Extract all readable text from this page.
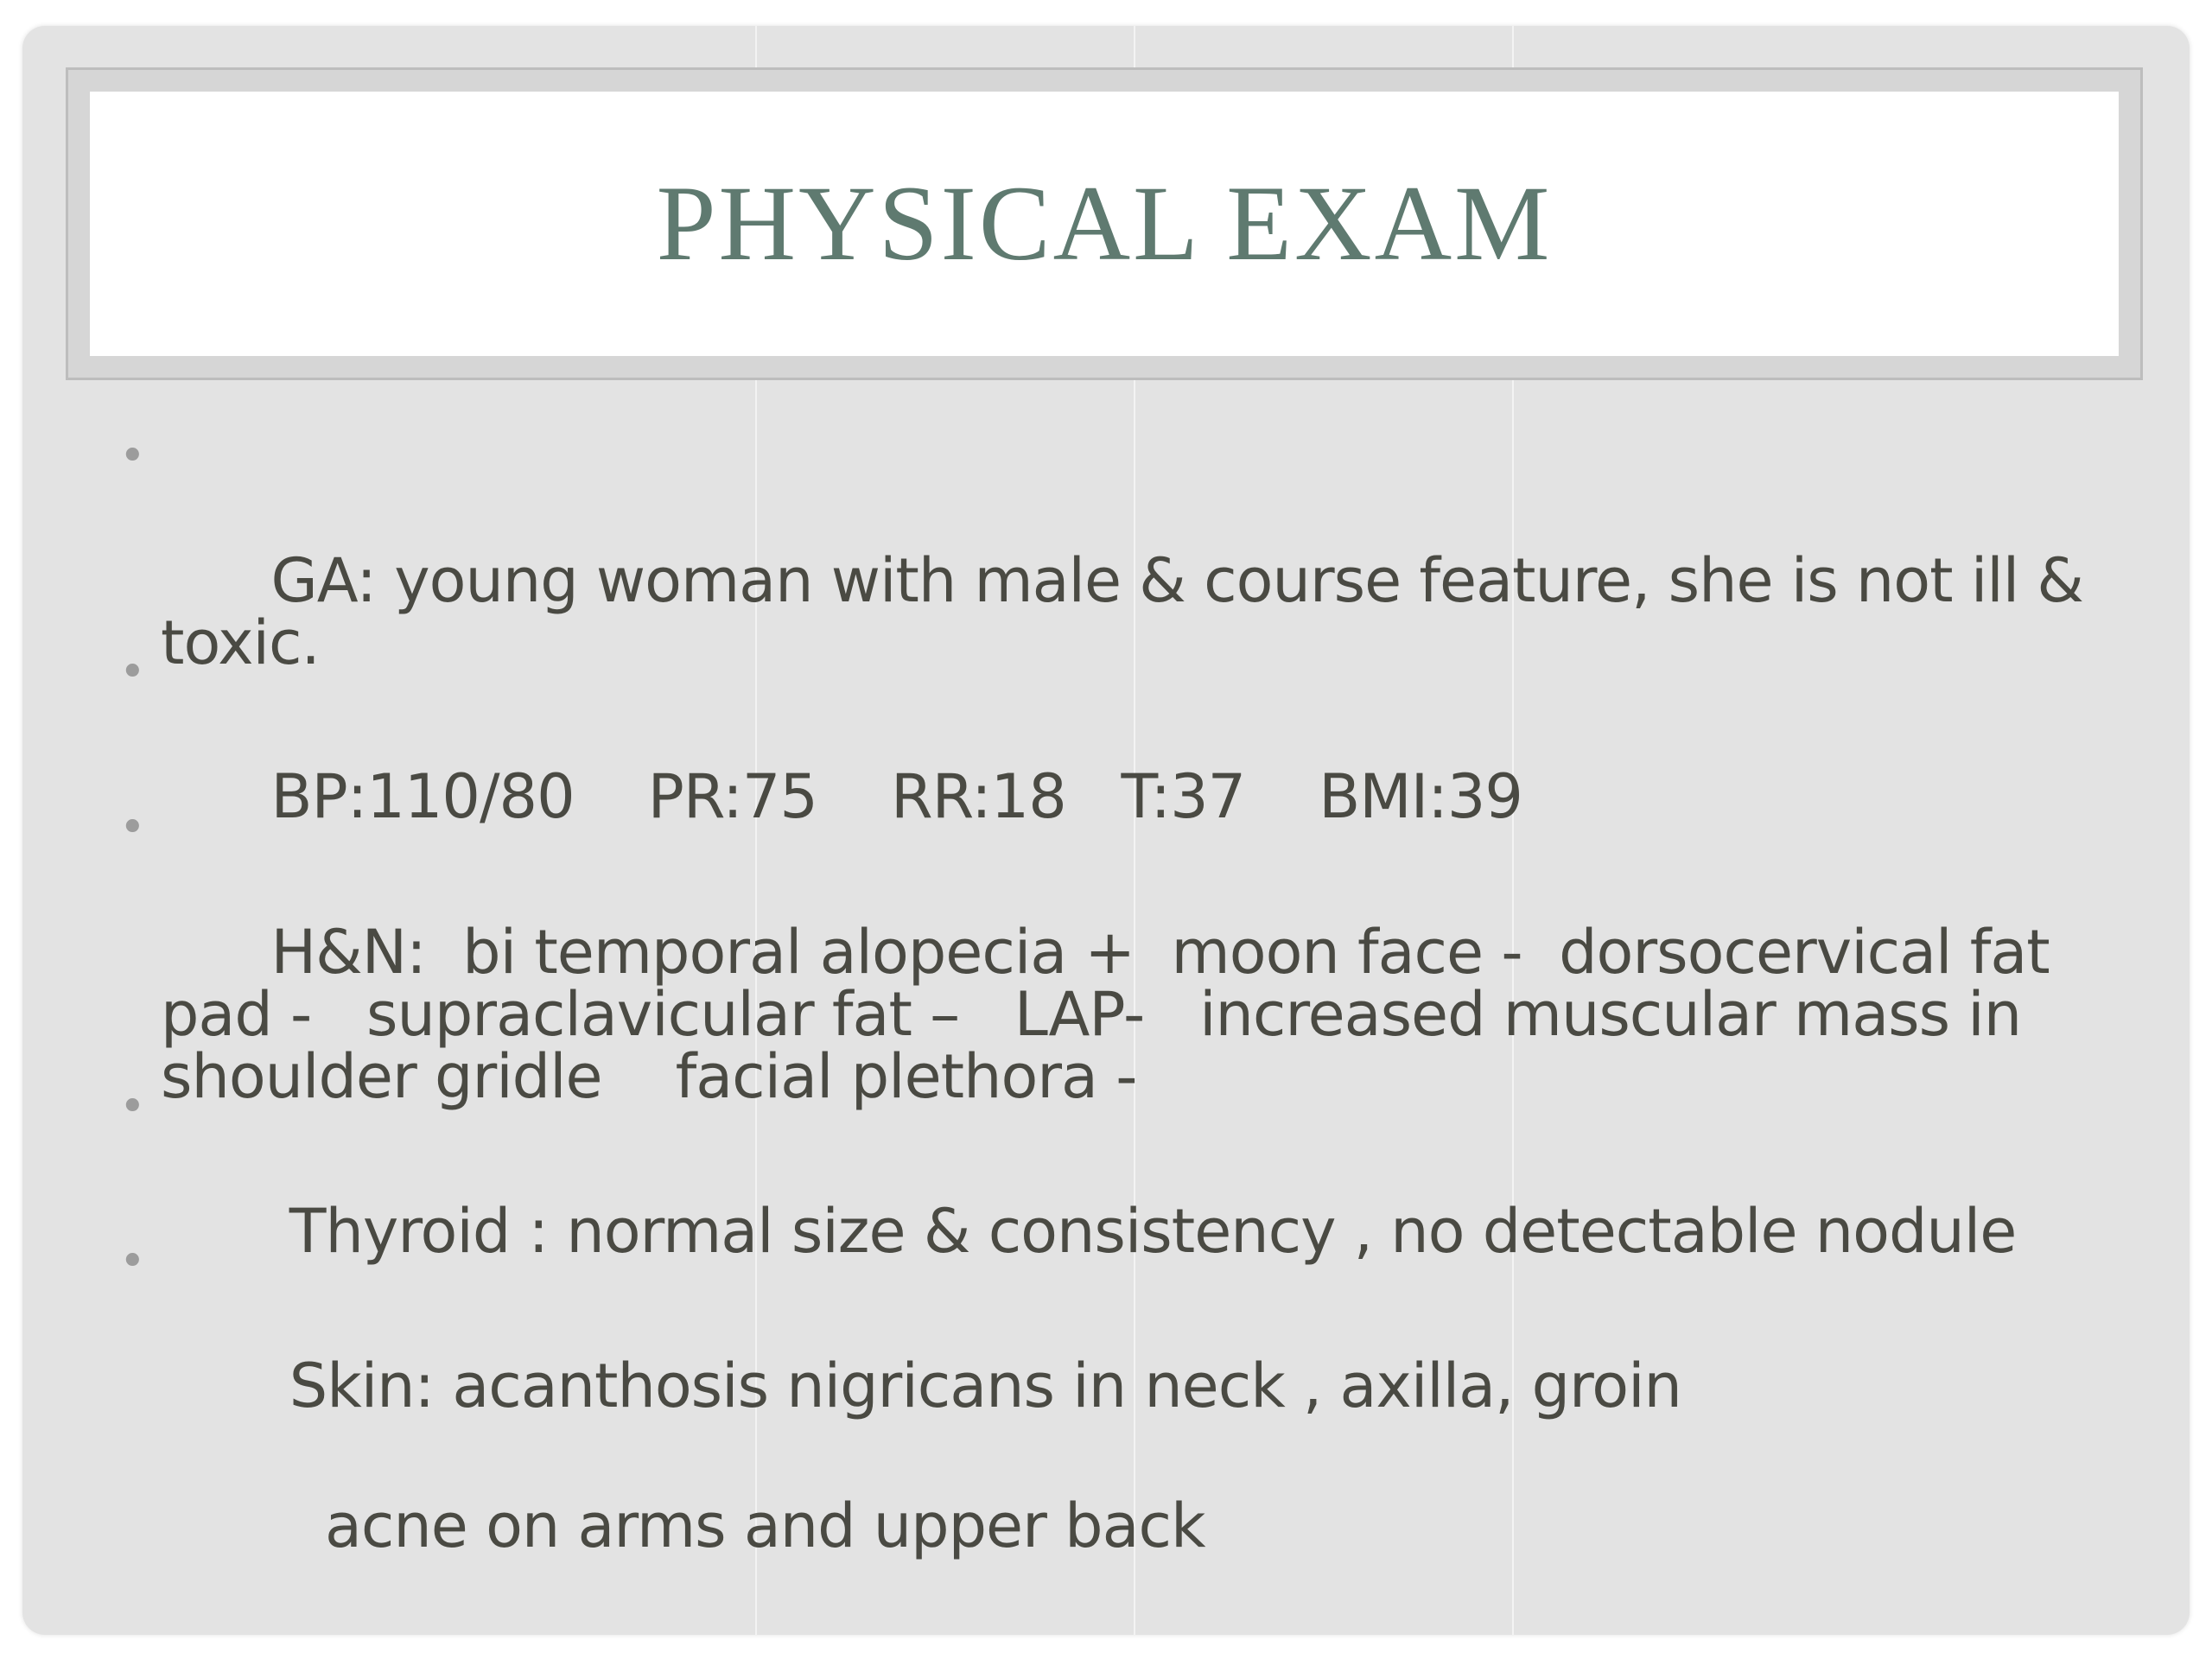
PHYSICAL EXAM

•

GA: young woman with male & course feature, she is not ill & toxic.

•

BP:110/80    PR:75    RR:18   T:37    BMI:39

•

H&N:  bi temporal alopecia +  moon face -  dorsocervical fat pad -   supraclavicular fat –   LAP-   increased muscular mass in shoulder gridle    facial plethora -

•

Thyroid : normal size & consistency , no detectable nodule

•

Skin: acanthosis nigricans in neck , axilla, groin

acne on arms and upper back
